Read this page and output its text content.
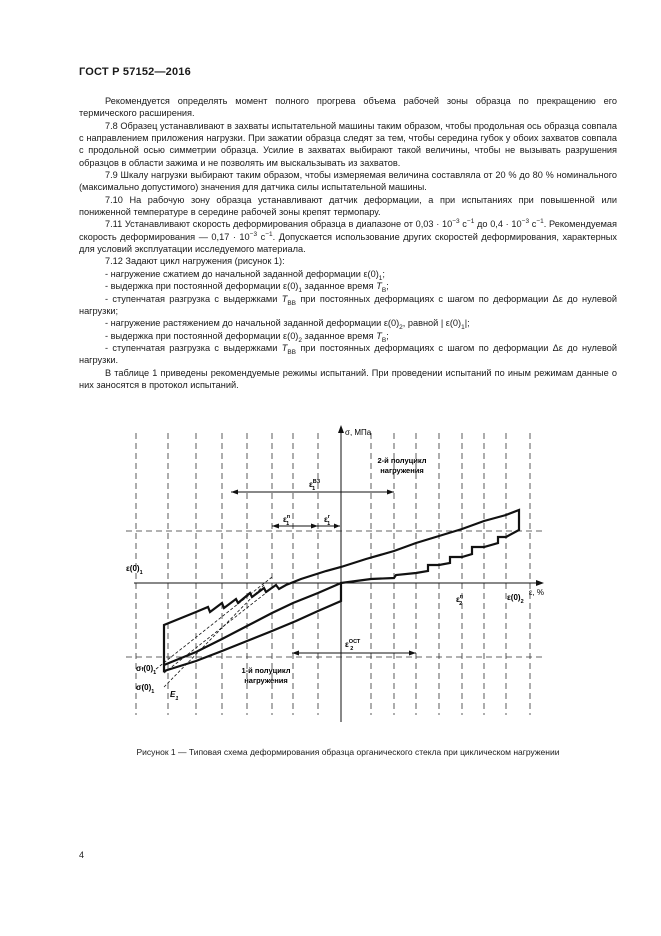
ГОСТ Р 57152—2016

Рекомендуется определять момент полного прогрева объема рабочей зоны образца по прекращению его термического расширения.

7.8 Образец устанавливают в захваты испытательной машины таким образом, чтобы продольная ось образца совпала с направлением приложения нагрузки. При зажатии образца следят за тем, чтобы середина губок у обоих захватов совпала с продольной осью симметрии образца. Усилие в захватах выбирают такой величины, чтобы не вызывать разрушения образцов в области зажима и не позволять им выскальзывать из захватов.

7.9 Шкалу нагрузки выбирают таким образом, чтобы измеряемая величина составляла от 20 % до 80 % номинального (максимально допустимого) значения для датчика силы испытательной машины.

7.10 На рабочую зону образца устанавливают датчик деформации, а при испытаниях при повышенной или пониженной температуре в середине рабочей зоны крепят термопару.

7.11 Устанавливают скорость деформирования образца в диапазоне от $0,03 \cdot 10^{-3}$ $с^{-1}$ до $0,4 \cdot 10^{-3}$ $с^{-1}$. Рекомендуемая скорость деформирования — $0,17 \cdot 10^{-3}$ $с^{-1}$. Допускается использование других скоростей деформирования, характерных для условий эксплуатации исследуемого материала.

7.12 Задают цикл нагружения (рисунок 1):

- нагружение сжатием до начальной заданной деформации $\varepsilon(0)_1$;

- выдержка при постоянной деформации $\varepsilon(0)_1$ заданное время $T_В$;

- ступенчатая разгрузка с выдержками $T_{ВВ}$ при постоянных деформациях с шагом по деформации Δε до нулевой нагрузки;

- нагружение растяжением до начальной заданной деформации $\varepsilon(0)_2$, равной | $\varepsilon(0)_1|$;

- выдержка при постоянной деформации $\varepsilon(0)_2$ заданное время $T_В$;

- ступенчатая разгрузка с выдержками $T_{ВВ}$ при постоянных деформациях с шагом по деформации Δε до нулевой нагрузки.

В таблице 1 приведены рекомендуемые режимы испытаний. При проведении испытаний по иным режимам данные о них заносятся в протокол испытаний.

σ, МПа
ε, %
2-й полуцикл
нагружения
1-й полуцикл
нагружения
$\varepsilon^{ВЗ}$ 1
$\varepsilon^п$ 1	$\varepsilon^г$ 1
$\varepsilon(0)_1$
$\varepsilon^п$ 2
$\varepsilon(0)_2$
$\varepsilon^{ОСТ}$ 2
$\sigma f(0)_1$
$\sigma(0)_1$ $E_1$
Рисунок 1 — Типовая схема деформирования образца органического стекла при циклическом нагружении
4
